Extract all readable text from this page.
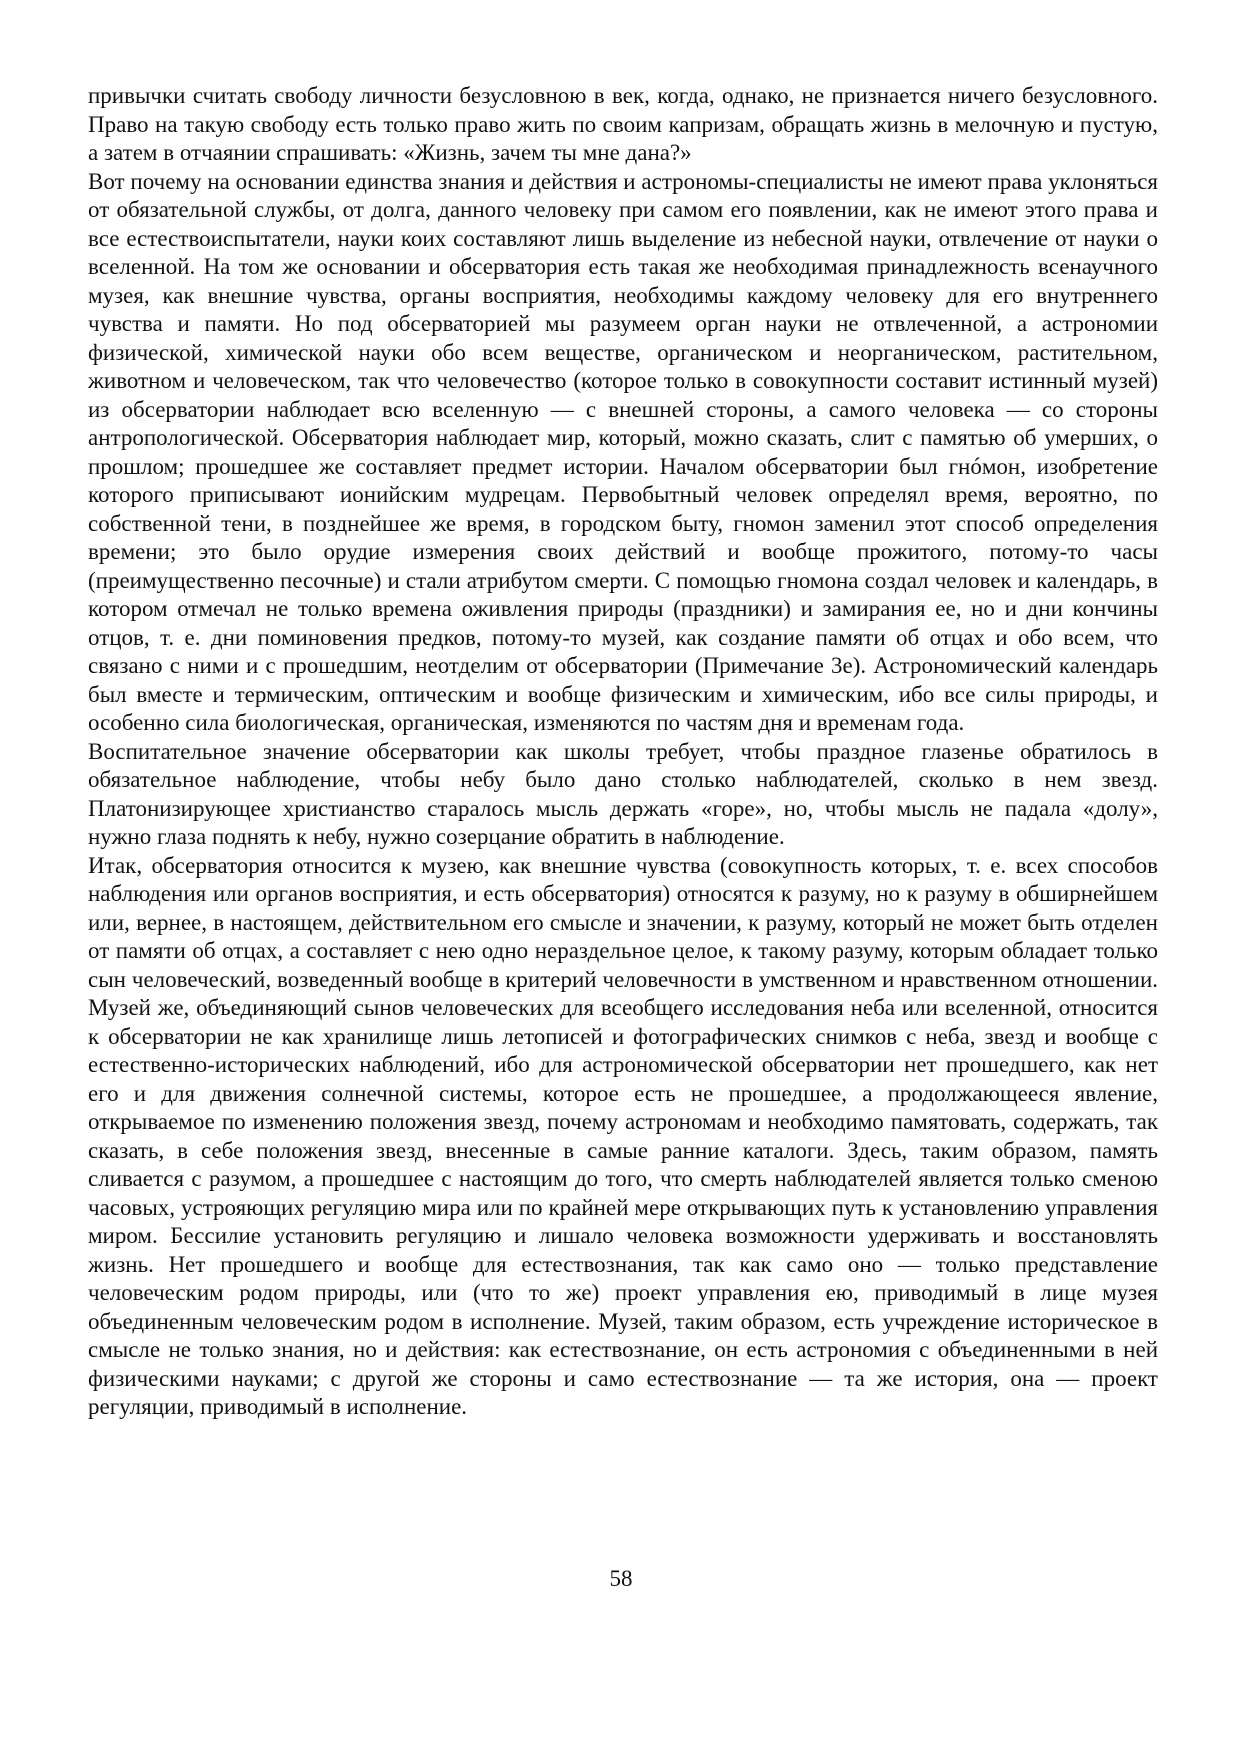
привычки считать свободу личности безусловною в век, когда, однако, не признается ничего безусловного. Право на такую свободу есть только право жить по своим капризам, обращать жизнь в мелочную и пустую, а затем в отчаянии спрашивать: «Жизнь, зачем ты мне дана?»

Вот почему на основании единства знания и действия и астрономы-специалисты не имеют права уклоняться от обязательной службы, от долга, данного человеку при самом его появлении, как не имеют этого права и все естествоиспытатели, науки коих составляют лишь выделение из небесной науки, отвлечение от науки о вселенной. На том же основании и обсерватория есть такая же необходимая принадлежность всенаучного музея, как внешние чувства, органы восприятия, необходимы каждому человеку для его внутреннего чувства и памяти. Но под обсерваторией мы разумеем орган науки не отвлеченной, а астрономии физической, химической науки обо всем веществе, органическом и неорганическом, растительном, животном и человеческом, так что человечество (которое только в совокупности составит истинный музей) из обсерватории наблюдает всю вселенную — с внешней стороны, а самого человека — со стороны антропологической. Обсерватория наблюдает мир, который, можно сказать, слит с памятью об умерших, о прошлом; прошедшее же составляет предмет истории. Началом обсерватории был гнóмон, изобретение которого приписывают ионийским мудрецам. Первобытный человек определял время, вероятно, по собственной тени, в позднейшее же время, в городском быту, гномон заменил этот способ определения времени; это было орудие измерения своих действий и вообще прожитого, потому-то часы (преимущественно песочные) и стали атрибутом смерти. С помощью гномона создал человек и календарь, в котором отмечал не только времена оживления природы (праздники) и замирания ее, но и дни кончины отцов, т. е. дни поминовения предков, потому-то музей, как создание памяти об отцах и обо всем, что связано с ними и с прошедшим, неотделим от обсерватории (Примечание 3е). Астрономический календарь был вместе и термическим, оптическим и вообще физическим и химическим, ибо все силы природы, и особенно сила биологическая, органическая, изменяются по частям дня и временам года.

Воспитательное значение обсерватории как школы требует, чтобы праздное глазенье обратилось в обязательное наблюдение, чтобы небу было дано столько наблюдателей, сколько в нем звезд. Платонизирующее христианство старалось мысль держать «горе», но, чтобы мысль не падала «долу», нужно глаза поднять к небу, нужно созерцание обратить в наблюдение.

Итак, обсерватория относится к музею, как внешние чувства (совокупность которых, т. е. всех способов наблюдения или органов восприятия, и есть обсерватория) относятся к разуму, но к разуму в обширнейшем или, вернее, в настоящем, действительном его смысле и значении, к разуму, который не может быть отделен от памяти об отцах, а составляет с нею одно нераздельное целое, к такому разуму, которым обладает только сын человеческий, возведенный вообще в критерий человечности в умственном и нравственном отношении. Музей же, объединяющий сынов человеческих для всеобщего исследования неба или вселенной, относится к обсерватории не как хранилище лишь летописей и фотографических снимков с неба, звезд и вообще с естественно-исторических наблюдений, ибо для астрономической обсерватории нет прошедшего, как нет его и для движения солнечной системы, которое есть не прошедшее, а продолжающееся явление, открываемое по изменению положения звезд, почему астрономам и необходимо памятовать, содержать, так сказать, в себе положения звезд, внесенные в самые ранние каталоги. Здесь, таким образом, память сливается с разумом, а прошедшее с настоящим до того, что смерть наблюдателей является только сменою часовых, устрояющих регуляцию мира или по крайней мере открывающих путь к установлению управления миром. Бессилие установить регуляцию и лишало человека возможности удерживать и восстановлять жизнь. Нет прошедшего и вообще для естествознания, так как само оно — только представление человеческим родом природы, или (что то же) проект управления ею, приводимый в лице музея объединенным человеческим родом в исполнение. Музей, таким образом, есть учреждение историческое в смысле не только знания, но и действия: как естествознание, он есть астрономия с объединенными в ней физическими науками; с другой же стороны и само естествознание — та же история, она — проект регуляции, приводимый в исполнение.

58
